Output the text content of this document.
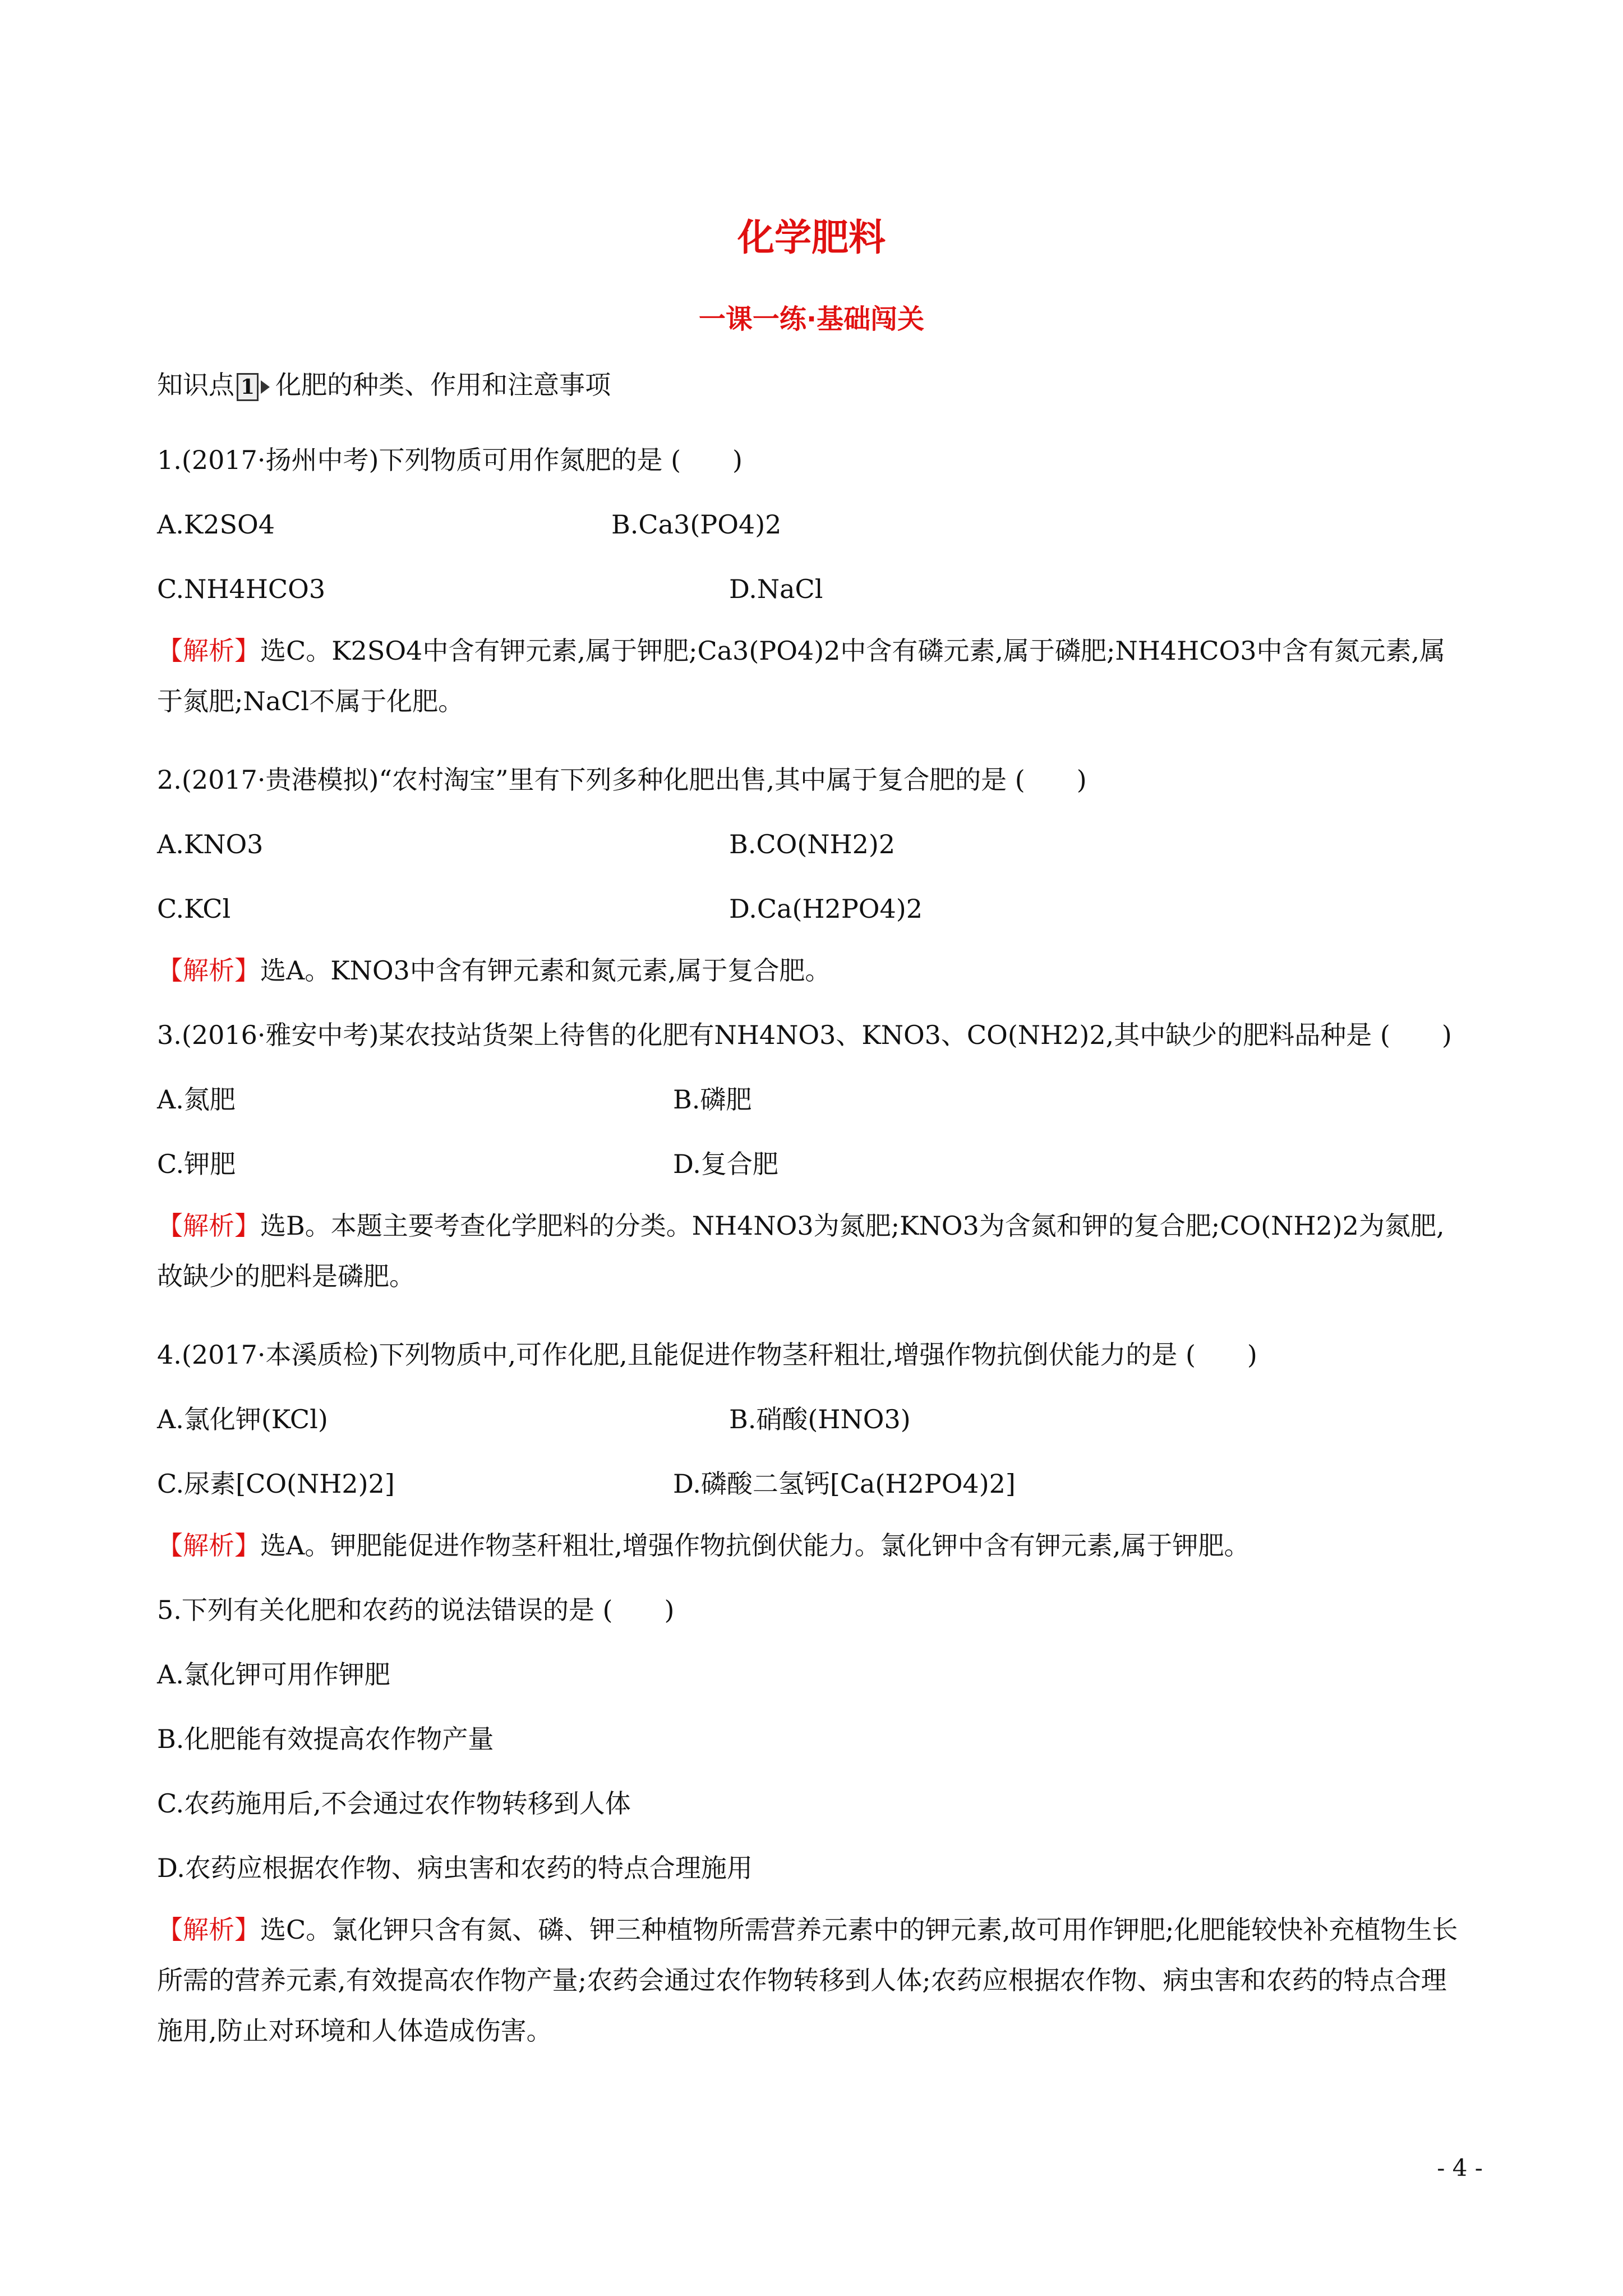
化学肥料
一课一练·基础闯关
知识点 1 化肥的种类、作用和注意事项
1.(2017·扬州中考)下列物质可用作氮肥的是 (　　)
A.K2SO4	B.Ca3(PO4)2
C.NH4HCO3	D.NaCl
【解析】选C。K2SO4中含有钾元素,属于钾肥;Ca3(PO4)2中含有磷元素,属于磷肥;NH4HCO3中含有氮元素,属于氮肥;NaCl不属于化肥。
2.(2017·贵港模拟)“农村淘宝”里有下列多种化肥出售,其中属于复合肥的是 (　　)
A.KNO3	B.CO(NH2)2
C.KCl	D.Ca(H2PO4)2
【解析】选A。KNO3中含有钾元素和氮元素,属于复合肥。
3.(2016·雅安中考)某农技站货架上待售的化肥有NH4NO3、KNO3、CO(NH2)2,其中缺少的肥料品种是 (　　)
A.氮肥	B.磷肥
C.钾肥	D.复合肥
【解析】选B。本题主要考查化学肥料的分类。NH4NO3为氮肥;KNO3为含氮和钾的复合肥;CO(NH2)2为氮肥,故缺少的肥料是磷肥。
4.(2017·本溪质检)下列物质中,可作化肥,且能促进作物茎秆粗壮,增强作物抗倒伏能力的是 (　　)
A.氯化钾(KCl)	B.硝酸(HNO3)
C.尿素[CO(NH2)2]	D.磷酸二氢钙[Ca(H2PO4)2]
【解析】选A。钾肥能促进作物茎秆粗壮,增强作物抗倒伏能力。氯化钾中含有钾元素,属于钾肥。
5.下列有关化肥和农药的说法错误的是 (　　)
A.氯化钾可用作钾肥
B.化肥能有效提高农作物产量
C.农药施用后,不会通过农作物转移到人体
D.农药应根据农作物、病虫害和农药的特点合理施用
【解析】选C。氯化钾只含有氮、磷、钾三种植物所需营养元素中的钾元素,故可用作钾肥;化肥能较快补充植物生长所需的营养元素,有效提高农作物产量;农药会通过农作物转移到人体;农药应根据农作物、病虫害和农药的特点合理施用,防止对环境和人体造成伤害。
- 4 -
